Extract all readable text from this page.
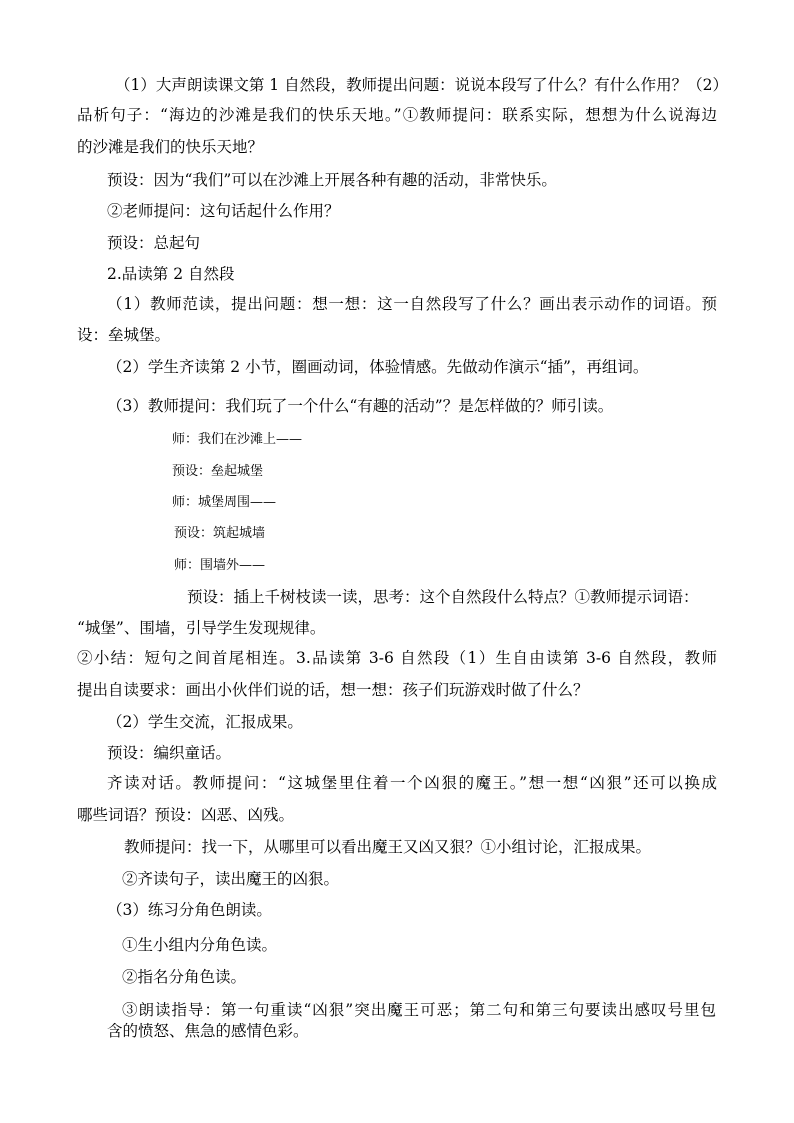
（1）大声朗读课文第 1 自然段，教师提出问题：说说本段写了什么？有什么作用？（2）

品析句子：“海边的沙滩是我们的快乐天地。”①教师提问：联系实际，想想为什么说海边

的沙滩是我们的快乐天地？

预设：因为“我们”可以在沙滩上开展各种有趣的活动，非常快乐。

②老师提问：这句话起什么作用？

预设：总起句

2.品读第 2 自然段

（1）教师范读，提出问题：想一想：这一自然段写了什么？画出表示动作的词语。预

设：垒城堡。

（2）学生齐读第 2 小节，圈画动词，体验情感。先做动作演示“插”，再组词。

（3）教师提问：我们玩了一个什么“有趣的活动”？是怎样做的？师引读。

师：我们在沙滩上——

预设：垒起城堡

师：城堡周围——

预设：筑起城墙

师：围墙外——

预设：插上千树枝读一读，思考：这个自然段什么特点？①教师提示词语：

“城堡”、围墙，引导学生发现规律。

②小结：短句之间首尾相连。3.品读第 3-6 自然段（1）生自由读第 3-6 自然段，教师

提出自读要求：画出小伙伴们说的话，想一想：孩子们玩游戏时做了什么？

（2）学生交流，汇报成果。

预设：编织童话。

齐读对话。教师提问：“这城堡里住着一个凶狠的魔王。”想一想“凶狠”还可以换成

哪些词语？预设：凶恶、凶残。

教师提问：找一下，从哪里可以看出魔王又凶又狠？①小组讨论，汇报成果。

②齐读句子，读出魔王的凶狠。

（3）练习分角色朗读。

①生小组内分角色读。

②指名分角色读。

③朗读指导：第一句重读“凶狠”突出魔王可恶；第二句和第三句要读出感叹号里包

含的愤怒、焦急的感情色彩。
